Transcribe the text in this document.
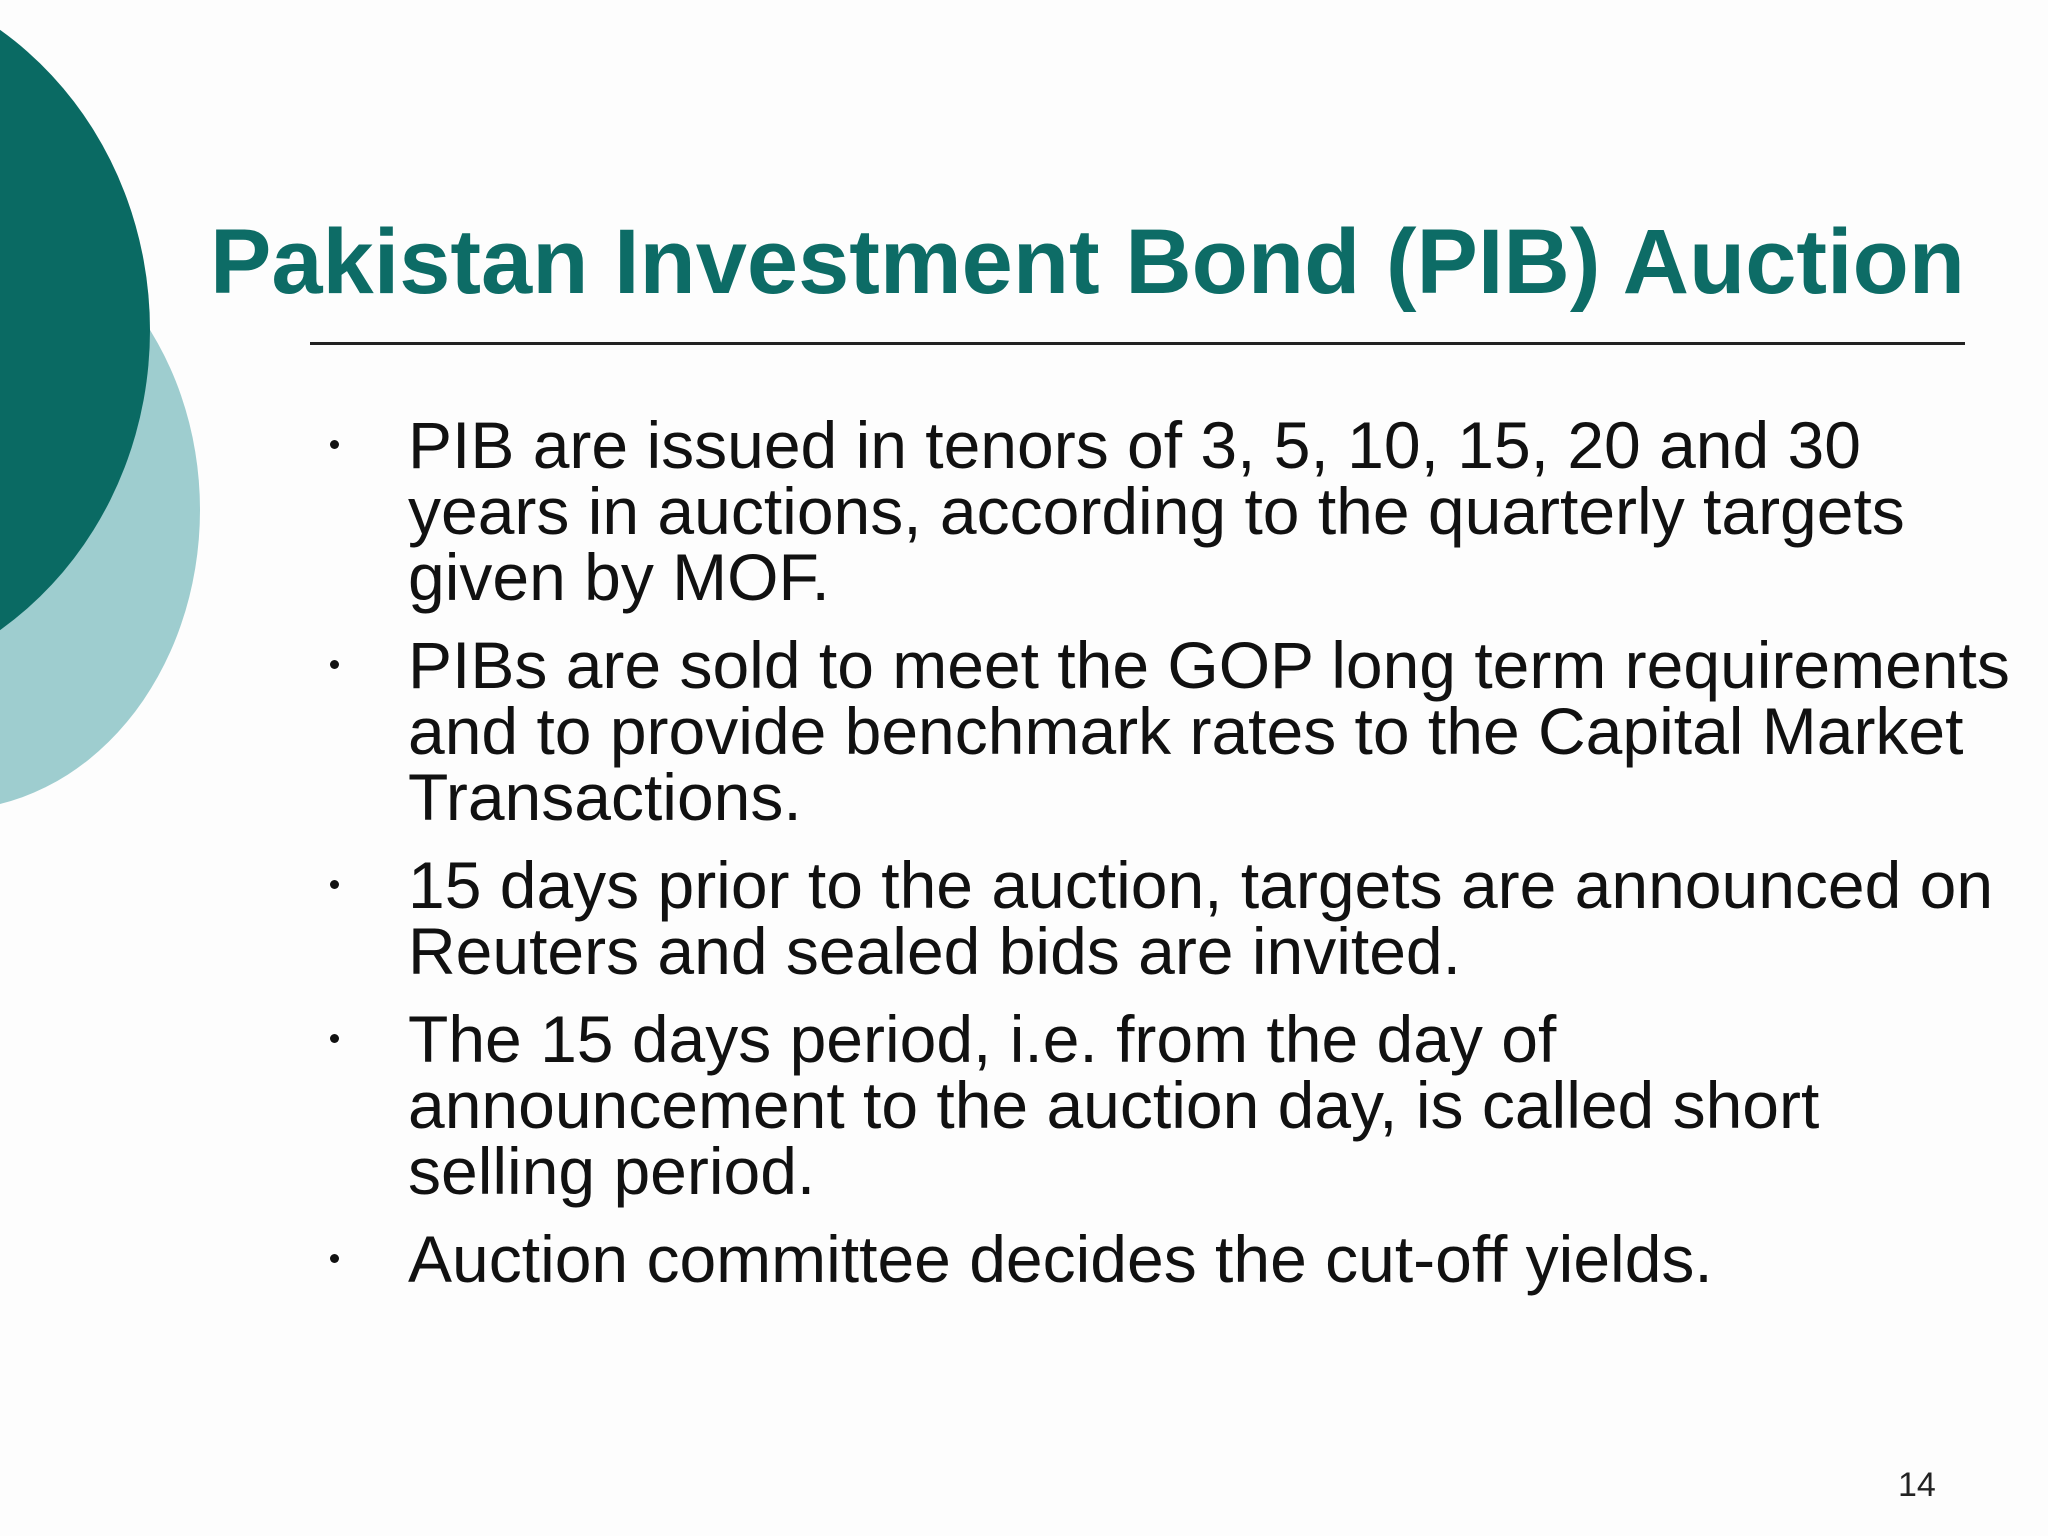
Pakistan Investment Bond (PIB) Auction
PIB are issued in tenors of 3, 5, 10, 15, 20 and 30 years in auctions, according to the quarterly targets given by MOF.
PIBs are sold to meet the GOP long term requirements and to provide benchmark rates to the Capital Market Transactions.
15 days prior to the auction, targets are announced on Reuters and sealed bids are invited.
The 15 days period, i.e. from the day of announcement to the auction day, is called short selling period.
Auction committee decides the cut-off yields.
14
